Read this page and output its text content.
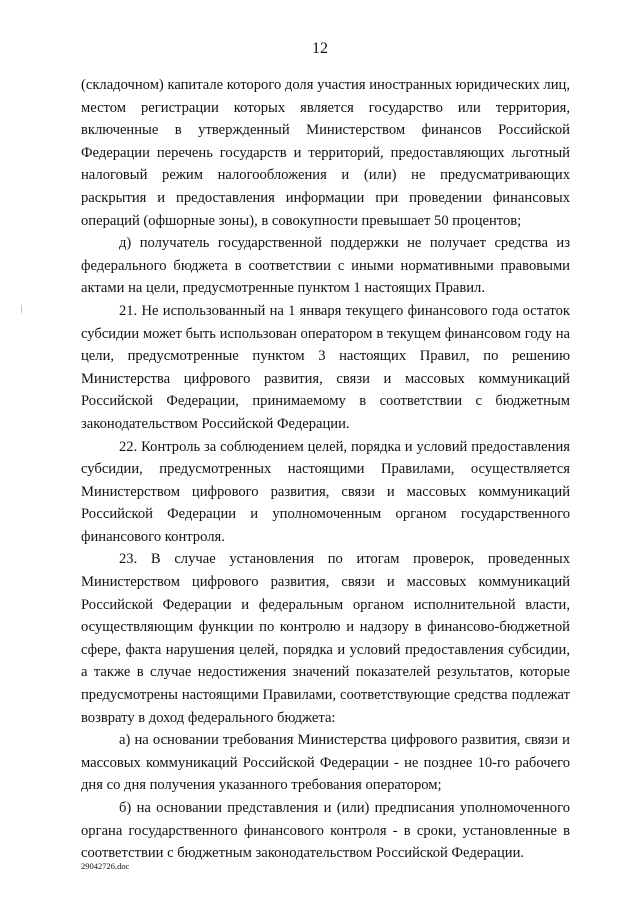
12

(складочном) капитале которого доля участия иностранных юридических лиц, местом регистрации которых является государство или территория, включенные в утвержденный Министерством финансов Российской Федерации перечень государств и территорий, предоставляющих льготный налоговый режим налогообложения и (или) не предусматривающих раскрытия и предоставления информации при проведении финансовых операций (офшорные зоны), в совокупности превышает 50 процентов;

д) получатель государственной поддержки не получает средства из федерального бюджета в соответствии с иными нормативными правовыми актами на цели, предусмотренные пунктом 1 настоящих Правил.

21. Не использованный на 1 января текущего финансового года остаток субсидии может быть использован оператором в текущем финансовом году на цели, предусмотренные пунктом 3 настоящих Правил, по решению Министерства цифрового развития, связи и массовых коммуникаций Российской Федерации, принимаемому в соответствии с бюджетным законодательством Российской Федерации.

22. Контроль за соблюдением целей, порядка и условий предоставления субсидии, предусмотренных настоящими Правилами, осуществляется Министерством цифрового развития, связи и массовых коммуникаций Российской Федерации и уполномоченным органом государственного финансового контроля.

23. В случае установления по итогам проверок, проведенных Министерством цифрового развития, связи и массовых коммуникаций Российской Федерации и федеральным органом исполнительной власти, осуществляющим функции по контролю и надзору в финансово-бюджетной сфере, факта нарушения целей, порядка и условий предоставления субсидии, а также в случае недостижения значений показателей результатов, которые предусмотрены настоящими Правилами, соответствующие средства подлежат возврату в доход федерального бюджета:

а) на основании требования Министерства цифрового развития, связи и массовых коммуникаций Российской Федерации - не позднее 10-го рабочего дня со дня получения указанного требования оператором;

б) на основании представления и (или) предписания уполномоченного органа государственного финансового контроля - в сроки, установленные в соответствии с бюджетным законодательством Российской Федерации.

29042726.doc
